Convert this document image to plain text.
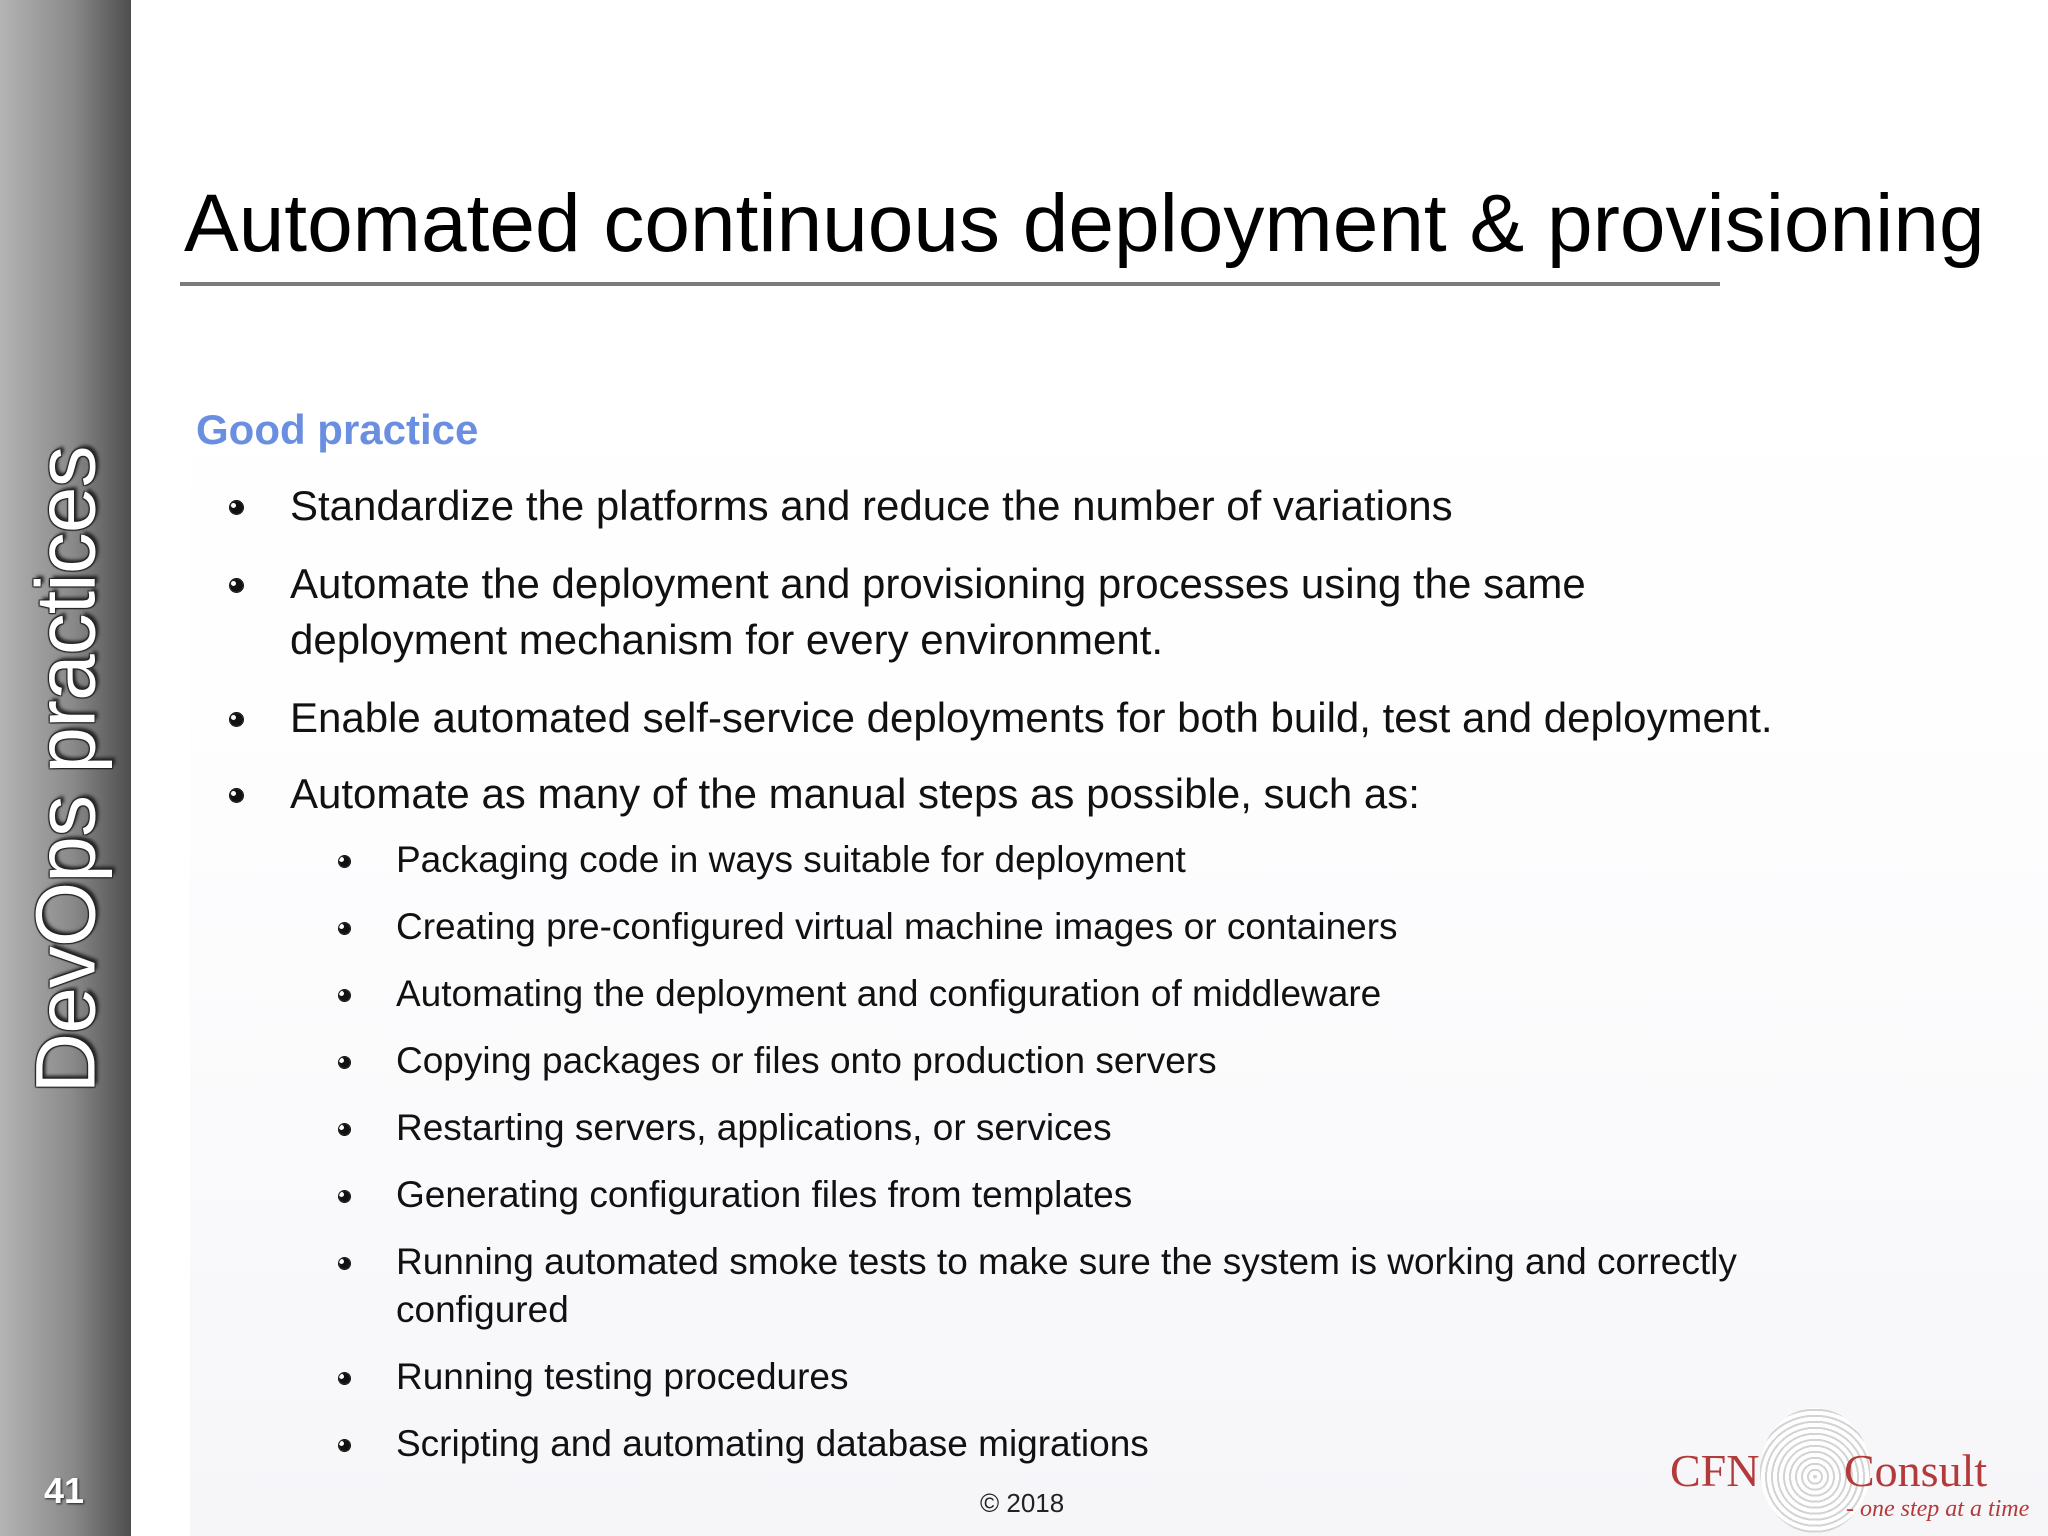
DevOps practices
41
Automated continuous deployment & provisioning
Good practice
Standardize the platforms and reduce the number of variations
Automate the deployment and provisioning processes using the same deployment mechanism for every environment.
Enable automated self-service deployments for both build, test and deployment.
Automate as many of the manual steps as possible, such as:
Packaging code in ways suitable for deployment
Creating pre-configured virtual machine images or containers
Automating the deployment and configuration of middleware
Copying packages or files onto production servers
Restarting servers, applications, or services
Generating configuration files from templates
Running automated smoke tests to make sure the system is working and correctly configured
Running testing procedures
Scripting and automating database migrations
© 2018
CFN Consult
- one step at a time
